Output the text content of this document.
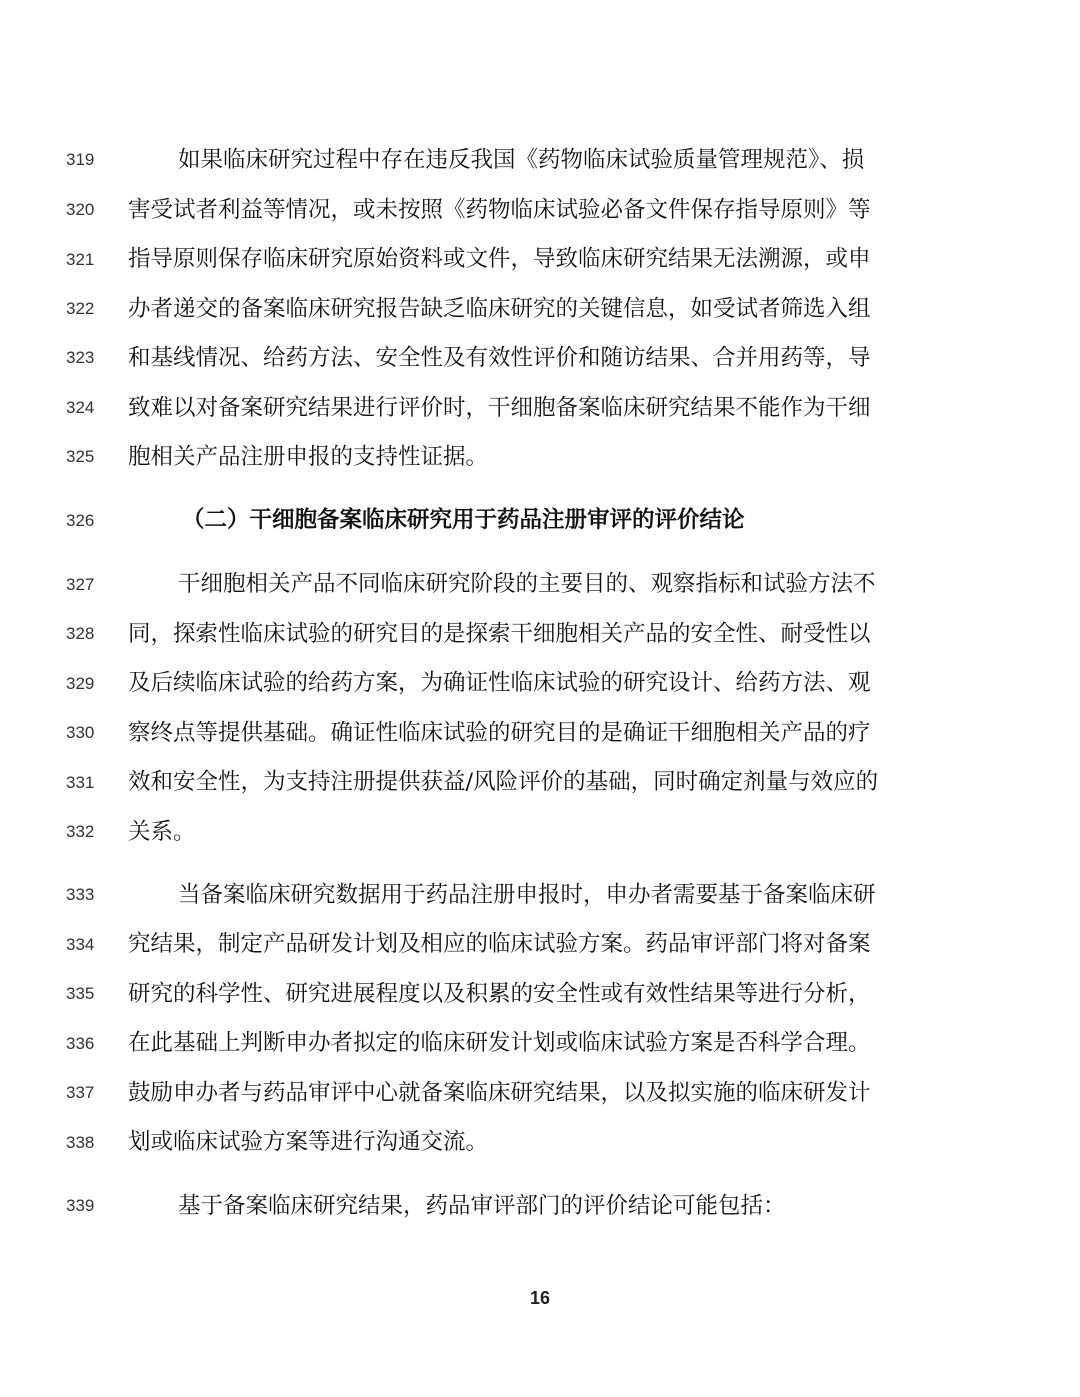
319	如果临床研究过程中存在违反我国《药物临床试验质量管理规范》、损
320	害受试者利益等情况，或未按照《药物临床试验必备文件保存指导原则》等
321	指导原则保存临床研究原始资料或文件，导致临床研究结果无法溯源，或申
322	办者递交的备案临床研究报告缺乏临床研究的关键信息，如受试者筛选入组
323	和基线情况、给药方法、安全性及有效性评价和随访结果、合并用药等，导
324	致难以对备案研究结果进行评价时，干细胞备案临床研究结果不能作为干细
325	胞相关产品注册申报的支持性证据。
326	（二）干细胞备案临床研究用于药品注册审评的评价结论
327	干细胞相关产品不同临床研究阶段的主要目的、观察指标和试验方法不
328	同，探索性临床试验的研究目的是探索干细胞相关产品的安全性、耐受性以
329	及后续临床试验的给药方案，为确证性临床试验的研究设计、给药方法、观
330	察终点等提供基础。确证性临床试验的研究目的是确证干细胞相关产品的疗
331	效和安全性，为支持注册提供获益/风险评价的基础，同时确定剂量与效应的
332	关系。
333	当备案临床研究数据用于药品注册申报时，申办者需要基于备案临床研
334	究结果，制定产品研发计划及相应的临床试验方案。药品审评部门将对备案
335	研究的科学性、研究进展程度以及积累的安全性或有效性结果等进行分析，
336	在此基础上判断申办者拟定的临床研发计划或临床试验方案是否科学合理。
337	鼓励申办者与药品审评中心就备案临床研究结果，以及拟实施的临床研发计
338	划或临床试验方案等进行沟通交流。
339	基于备案临床研究结果，药品审评部门的评价结论可能包括：
16
